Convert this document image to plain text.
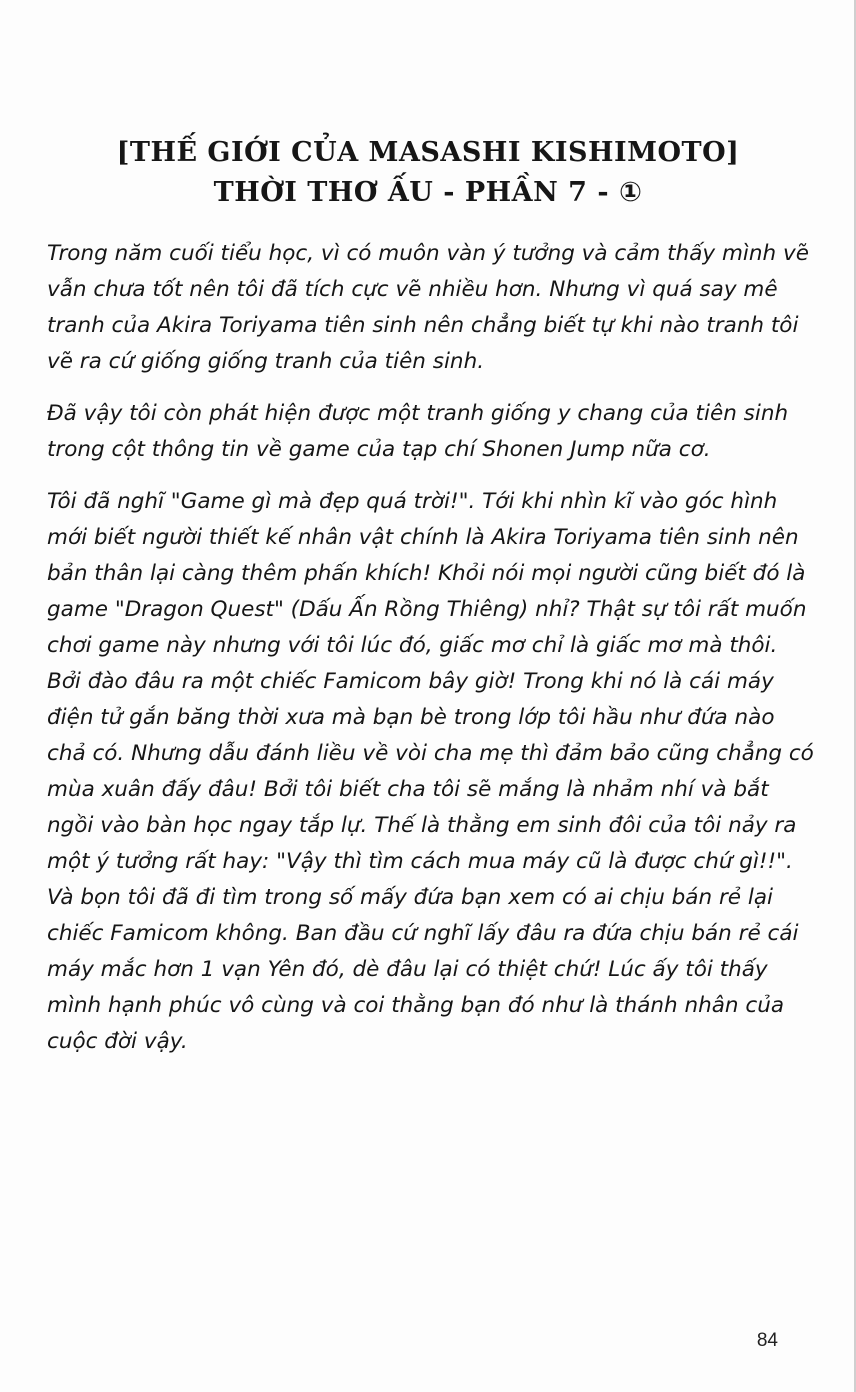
[THẾ GIỚI CỦA MASASHI KISHIMOTO]
THỜI THƠ ẤU - PHẦN 7 - ①

Trong năm cuối tiểu học, vì có muôn vàn ý tưởng và cảm thấy mình vẽ vẫn chưa tốt nên tôi đã tích cực vẽ nhiều hơn. Nhưng vì quá say mê tranh của Akira Toriyama tiên sinh nên chẳng biết tự khi nào tranh tôi vẽ ra cứ giống giống tranh của tiên sinh.

Đã vậy tôi còn phát hiện được một tranh giống y chang của tiên sinh trong cột thông tin về game của tạp chí Shonen Jump nữa cơ.

Tôi đã nghĩ "Game gì mà đẹp quá trời!". Tới khi nhìn kĩ vào góc hình mới biết người thiết kế nhân vật chính là Akira Toriyama tiên sinh nên bản thân lại càng thêm phấn khích! Khỏi nói mọi người cũng biết đó là game "Dragon Quest" (Dấu Ấn Rồng Thiêng) nhỉ? Thật sự tôi rất muốn chơi game này nhưng với tôi lúc đó, giấc mơ chỉ là giấc mơ mà thôi. Bởi đào đâu ra một chiếc Famicom bây giờ! Trong khi nó là cái máy điện tử gắn băng thời xưa mà bạn bè trong lớp tôi hầu như đứa nào chả có. Nhưng dẫu đánh liều về vòi cha mẹ thì đảm bảo cũng chẳng có mùa xuân đấy đâu! Bởi tôi biết cha tôi sẽ mắng là nhảm nhí và bắt ngồi vào bàn học ngay tắp lự. Thế là thằng em sinh đôi của tôi nảy ra một ý tưởng rất hay: "Vậy thì tìm cách mua máy cũ là được chứ gì!!". Và bọn tôi đã đi tìm trong số mấy đứa bạn xem có ai chịu bán rẻ lại chiếc Famicom không. Ban đầu cứ nghĩ lấy đâu ra đứa chịu bán rẻ cái máy mắc hơn 1 vạn Yên đó, dè đâu lại có thiệt chứ! Lúc ấy tôi thấy mình hạnh phúc vô cùng và coi thằng bạn đó như là thánh nhân của cuộc đời vậy.

84
